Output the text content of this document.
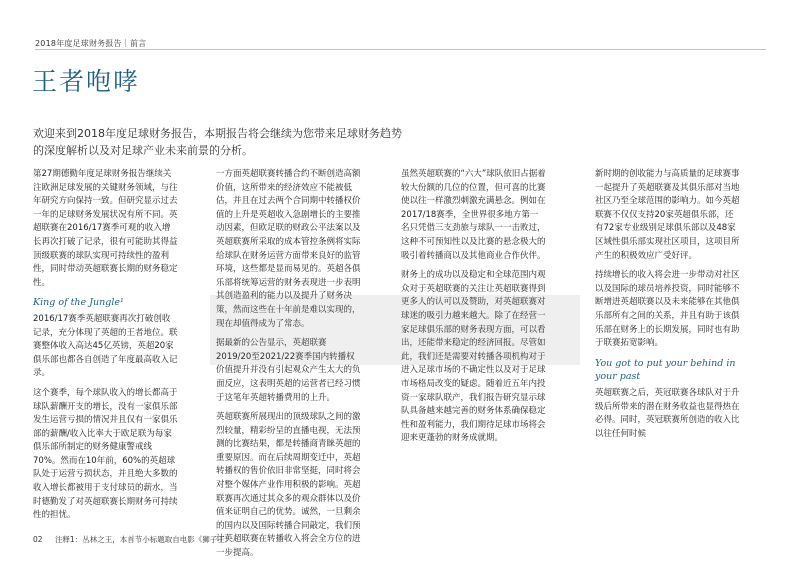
2018年度足球财务报告｜前言
王者咆哮
欢迎来到2018年度足球财务报告，本期报告将会继续为您带来足球财务趋势的深度解析以及对足球产业未来前景的分析。

第27期德勤年度足球财务报告继续关注欧洲足球发展的关键财务领域，与往年研究方向保持一致。但研究显示过去一年的足球财务发展状况有所不同。英超联赛在2016/17赛季可观的收入增长再次打破了记录，很有可能助其得益顶级联赛的球队实现可持续性的盈利性，同时带动英超联赛长期的财务稳定性。

King of the Jungle¹

2016/17赛季英超联赛再次打破创收记录，充分体现了英超的王者地位。联赛整体收入高达45亿英镑，英超20家俱乐部也都各自创造了年度最高收入记录。

这个赛季，每个球队收入的增长都高于球队薪酬开支的增长，没有一家俱乐部发生运营亏损的情况并且仅有一家俱乐部的薪酬/收入比率大于欧足联为每家俱乐部所制定的财务健康警戒线70%。然而在10年前，60%的英超球队处于运营亏损状态，并且绝大多数的收入增长都被用于支付球员的薪水，当时德勤发了对英超联赛长期财务可持续性的担忧。

一方面英超联赛转播合约不断创造高额价值，这所带来的经济效应不能被低估，并且在过去两个合同期中转播权价值的上升是英超收入急剧增长的主要推动因素，但欧足联的财政公平法案以及英超联赛所采取的成本管控条例将实际给球队在财务运营方面带来良好的监管环境，这些都是显而易见的。英超各俱乐部将统筹运营的财务表现进一步表明其创造盈利的能力以及提升了财务决策，然而这些在十年前是难以实现的，现在却值得成为了常态。

据最新的公告显示，英超联赛2019/20至2021/22赛季国内转播权价值提升并没有引起观众产生太大的负面反应，这表明英超的运营者已经习惯于这笔年英超转播费用的上升。

英超联赛所展现出的顶级球队之间的激烈较量，精彩纷呈的直播电视，无法预测的比赛结果，都是转播商青睐英超的重要原因。而在后续周期变迁中，英超转播权的售价依旧非常坚挺，同时将会对整个媒体产业作用积极的影响。英超联赛再次通过其众多的观众群体以及价值来证明自己的优势。诚然，一旦剩余的国内以及国际转播合同敲定，我们预计英超联赛在转播收入将会全方位的进一步提高。

虽然英超联赛的“六大”球队依旧占据着较大份额的几位的位置，但可喜的比赛使以往一样激烈刺激充满悬念。例如在2017/18赛季，全世界很多地方第一名只凭借三支劲旅与球队一一击败过，这种不可预知性以及比赛的悬念极大的吸引着转播商以及其他商业合作伙伴。

财务上的成功以及稳定和全球范围内观众对于英超联赛的关注让英超联赛得到更多人的认可以及赞助，对英超联赛对球迷的吸引力越来越大。除了在经营一家足球俱乐部的财务表现方面，可以看出，还能带来稳定的经济回报。尽管如此，我们还是需要对转播各项机构对于进入足球市场的不确定性以及对于足球市场格局改变的疑虑。随着近五年内投资一家球队联产，我们报告研究显示球队具备越来越完善的财务体系确保稳定性和盈利能力，我们期待足球市场将会迎来更蓬勃的财务成就期。

新时期的创收能力与高质量的足球赛事一起提升了英超联赛及其俱乐部对当地社区乃至全球范围的影响力。如今英超联赛不仅仅支持20家英超俱乐部，还有72家专业级别足球俱乐部以及48家区域性俱乐部实现社区项目，这项目所产生的积极效应广受好评。

持续增长的收入将会进一步带动对社区以及国际的球员培养投资，同时能够不断增进英超联赛以及未来能够在其他俱乐部所有之间的关系，并且有助于该俱乐部在财务上的长期发展，同时也有助于联赛拓宽影响。

You got to put your behind in your past

英超联赛之后，英冠联赛各球队对于升级后所带来的潜在财务收益也显得热在必得。同时，英冠联赛所创造的收入比以往任何时候

02 注释1：丛林之王，本首节小标题取自电影《狮子王》
